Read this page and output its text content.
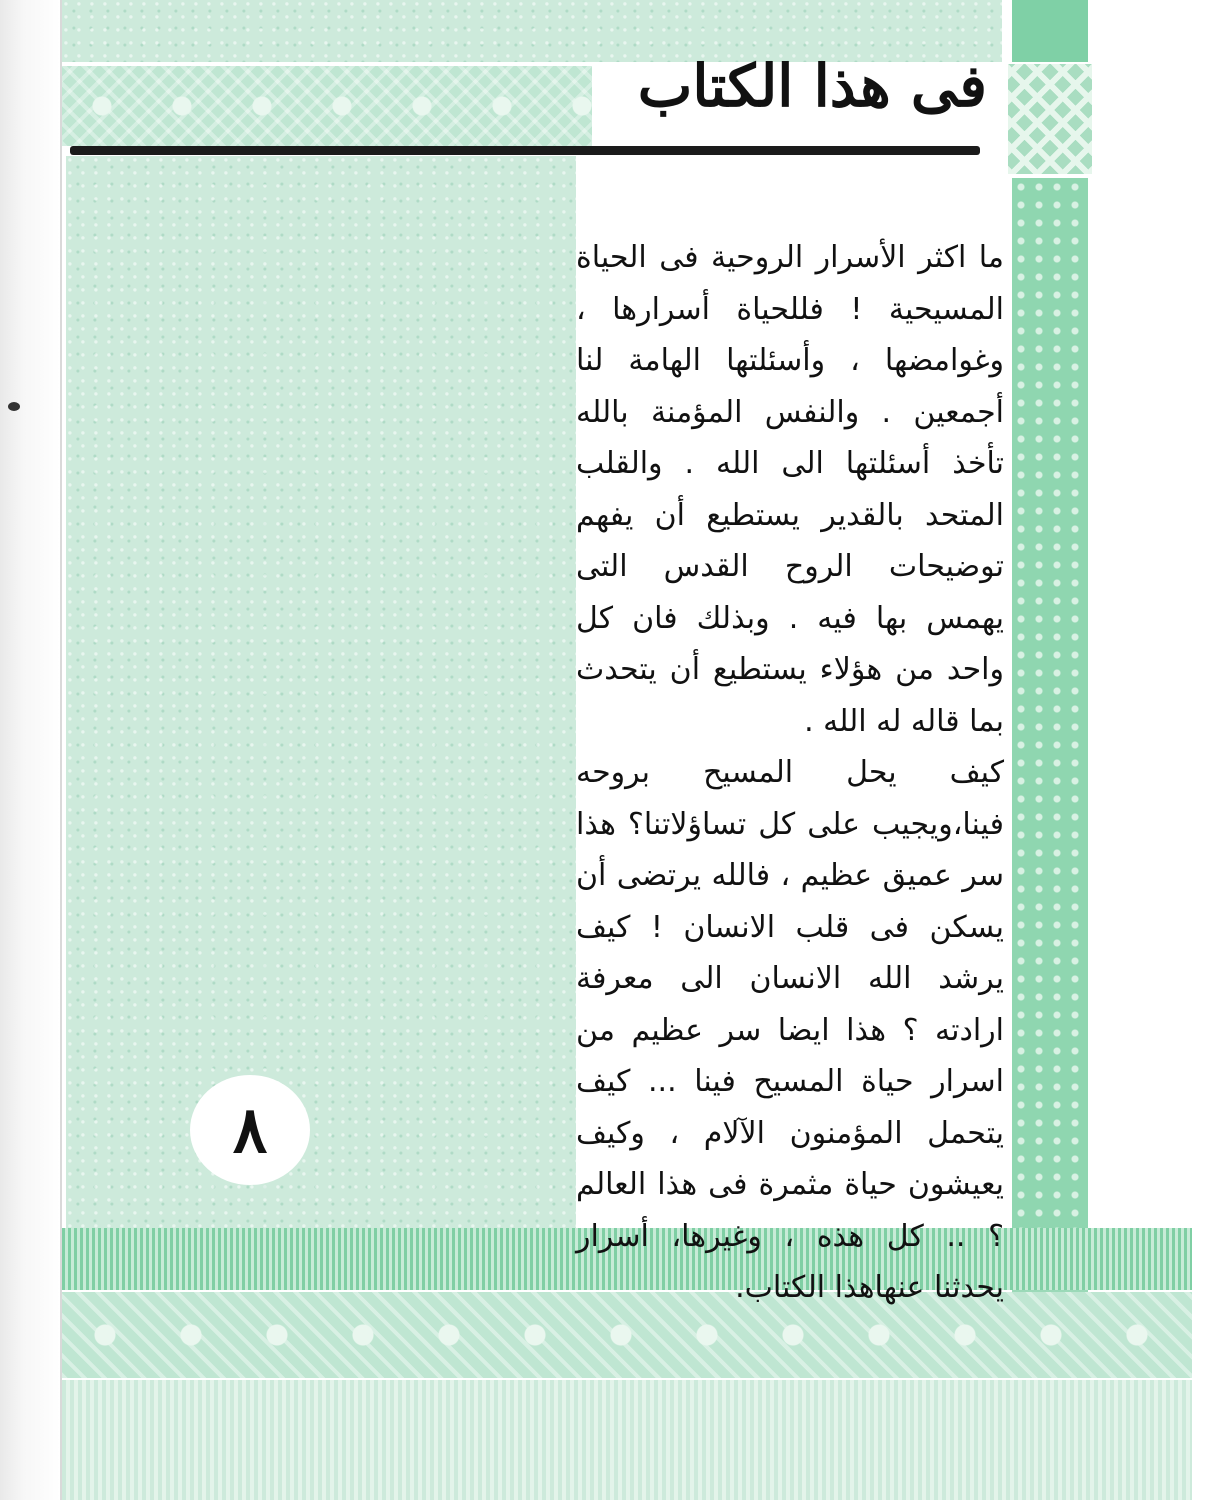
فى هذا الكتاب
٨

ما اكثر الأسرار الروحية فى الحياة المسيحية ! فللحياة أسرارها ، وغوامضها ، وأسئلتها الهامة لنا أجمعين . والنفس المؤمنة بالله تأخذ أسئلتها الى الله . والقلب المتحد بالقدير يستطيع أن يفهم توضيحات الروح القدس التى يهمس بها فيه . وبذلك فان كل واحد من هؤلاء يستطيع أن يتحدث بما قاله له الله .

كيف يحل المسيح بروحه فينا،ويجيب على كل تساؤلاتنا؟ هذا سر عميق عظيم ، فالله يرتضى أن يسكن فى قلب الانسان ! كيف يرشد الله الانسان الى معرفة ارادته ؟ هذا ايضا سر عظيم من اسرار حياة المسيح فينا ... كيف يتحمل المؤمنون الآلام ، وكيف يعيشون حياة مثمرة فى هذا العالم ؟ .. كل هذه ، وغيرها، أسرار يحدثنا عنهاهذا الكتاب.
